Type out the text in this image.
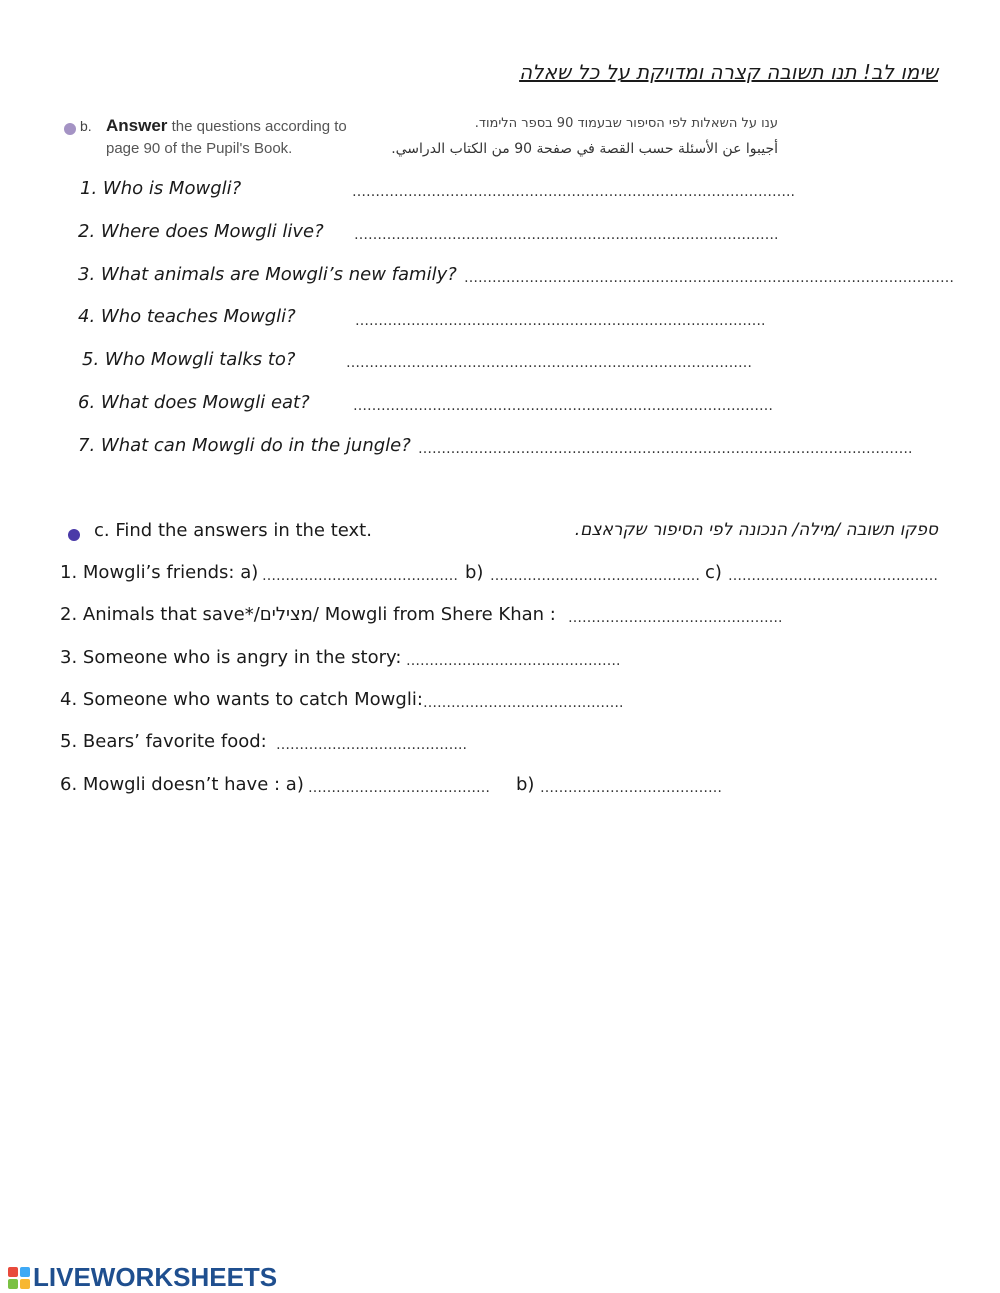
שימו לב! תנו תשובה קצרה ומדויקת על כל שאלה
b. Answer the questions according to
page 90 of the Pupil's Book.
ענו על השאלות לפי הסיפור שבעמוד 90 בספר הלימוד.
أجيبوا عن الأسئلة حسب القصة في صفحة 90 من الكتاب الدراسي.
1. Who is Mowgli?	…………………………………………………………………………………..
2. Where does Mowgli live? ……………………………………………………………………………….
3. What animals are Mowgli’s new family? ……………………………………………………………………………………………
4. Who teaches Mowgli?	…………………………………………………………………………….
5. Who Mowgli talks to?	……………………………………………………………………………
6. What does Mowgli eat?	………………………………………………………………………………
7. What can Mowgli do in the jungle? …………………………………………………………………………………………….
c. Find the answers in the text.	ספקו תשובה /מילה/ הנכונה לפי הסיפור שקראצם.
1. Mowgli’s friends: a) …………………………………… b) ……………………………………… c) ………………………………………
2. Animals that save*/מצילים/ Mowgli from Shere Khan : ……………………………………….
3. Someone who is angry in the story: ……………………………………….
4. Someone who wants to catch Mowgli: …………………………………….
5. Bears’ favorite food: …………………………………..
6. Mowgli doesn’t have : a) ………………………………… b) …………………………………
LIVEWORKSHEETS
